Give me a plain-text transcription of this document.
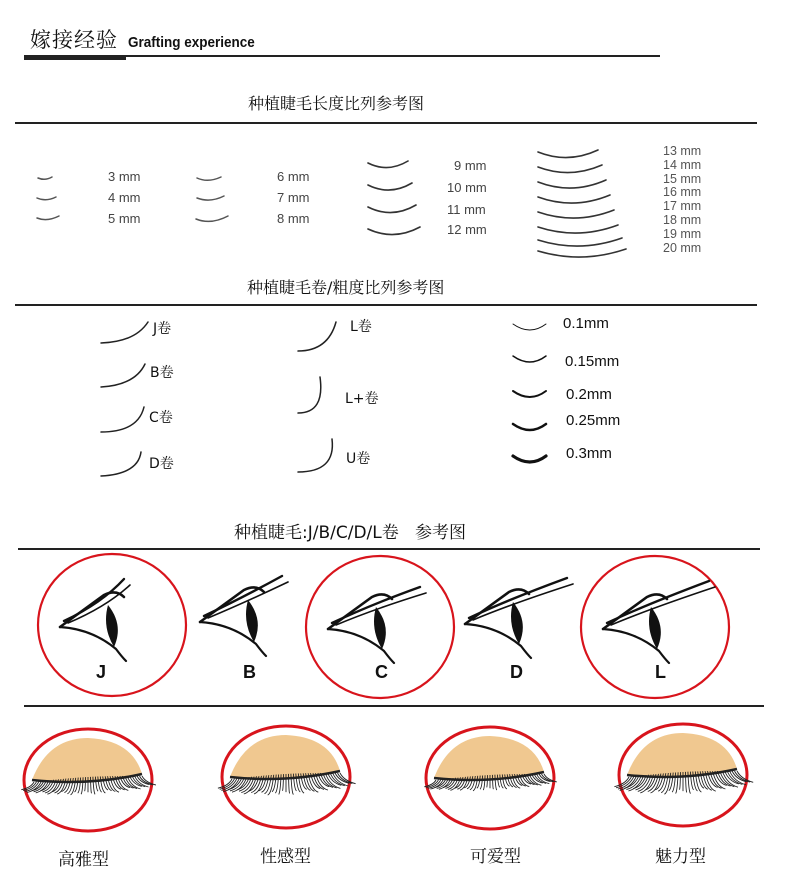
嫁接经验 Grafting experience
种植睫毛长度比列参考图
3 mm
4 mm
5 mm
6 mm
7 mm
8 mm
9 mm
10 mm
11 mm
12 mm
13 mm
14 mm
15 mm
16 mm
17 mm
18 mm
19 mm
20 mm
种植睫毛卷/粗度比列参考图
J卷
B卷
C卷
D卷
L卷
L+卷
U卷
0.1mm
0.15mm
0.2mm
0.25mm
0.3mm
种植睫毛:J/B/C/D/L卷   参考图
J	B	C	D	L
高雅型	性感型	可爱型	魅力型
